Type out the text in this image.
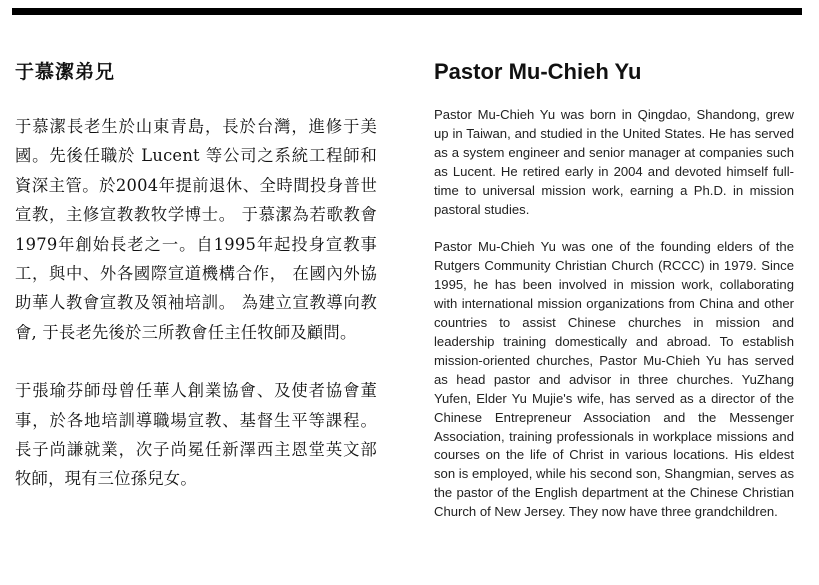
于慕潔弟兄

于慕潔長老生於山東青島，長於台灣，進修于美國。先後任職於 Lucent 等公司之系統工程師和資深主管。於2004年提前退休、全時間投身普世宣教，主修宣教教牧学博士。 于慕潔為若歌教會1979年創始長老之一。自1995年起投身宣教事工，與中、外各國際宣道機構合作， 在國內外協助華人教會宣教及領袖培訓。 為建立宣教導向教會, 于長老先後於三所教會任主任牧師及顧問。

于張瑜芬師母曾任華人創業協會、及使者協會董事，於各地培訓導職場宣教、基督生平等課程。長子尚謙就業，次子尚冕任新澤西主恩堂英文部牧師，現有三位孫兒女。

Pastor Mu-Chieh Yu

Pastor Mu-Chieh Yu was born in Qingdao, Shandong, grew up in Taiwan, and studied in the United States. He has served as a system engineer and senior manager at companies such as Lucent. He retired early in 2004 and devoted himself full-time to universal mission work, earning a Ph.D. in mission pastoral studies.

Pastor Mu-Chieh Yu was one of the founding elders of the Rutgers Community Christian Church (RCCC) in 1979. Since 1995, he has been involved in mission work, collaborating with international mission organizations from China and other countries to assist Chinese churches in mission and leadership training domestically and abroad. To establish mission-oriented churches, Pastor Mu-Chieh Yu has served as head pastor and advisor in three churches. YuZhang Yufen, Elder Yu Mujie's wife, has served as a director of the Chinese Entrepreneur Association and the Messenger Association, training professionals in workplace missions and courses on the life of Christ in various locations. His eldest son is employed, while his second son, Shangmian, serves as the pastor of the English department at the Chinese Christian Church of New Jersey. They now have three grandchildren.
